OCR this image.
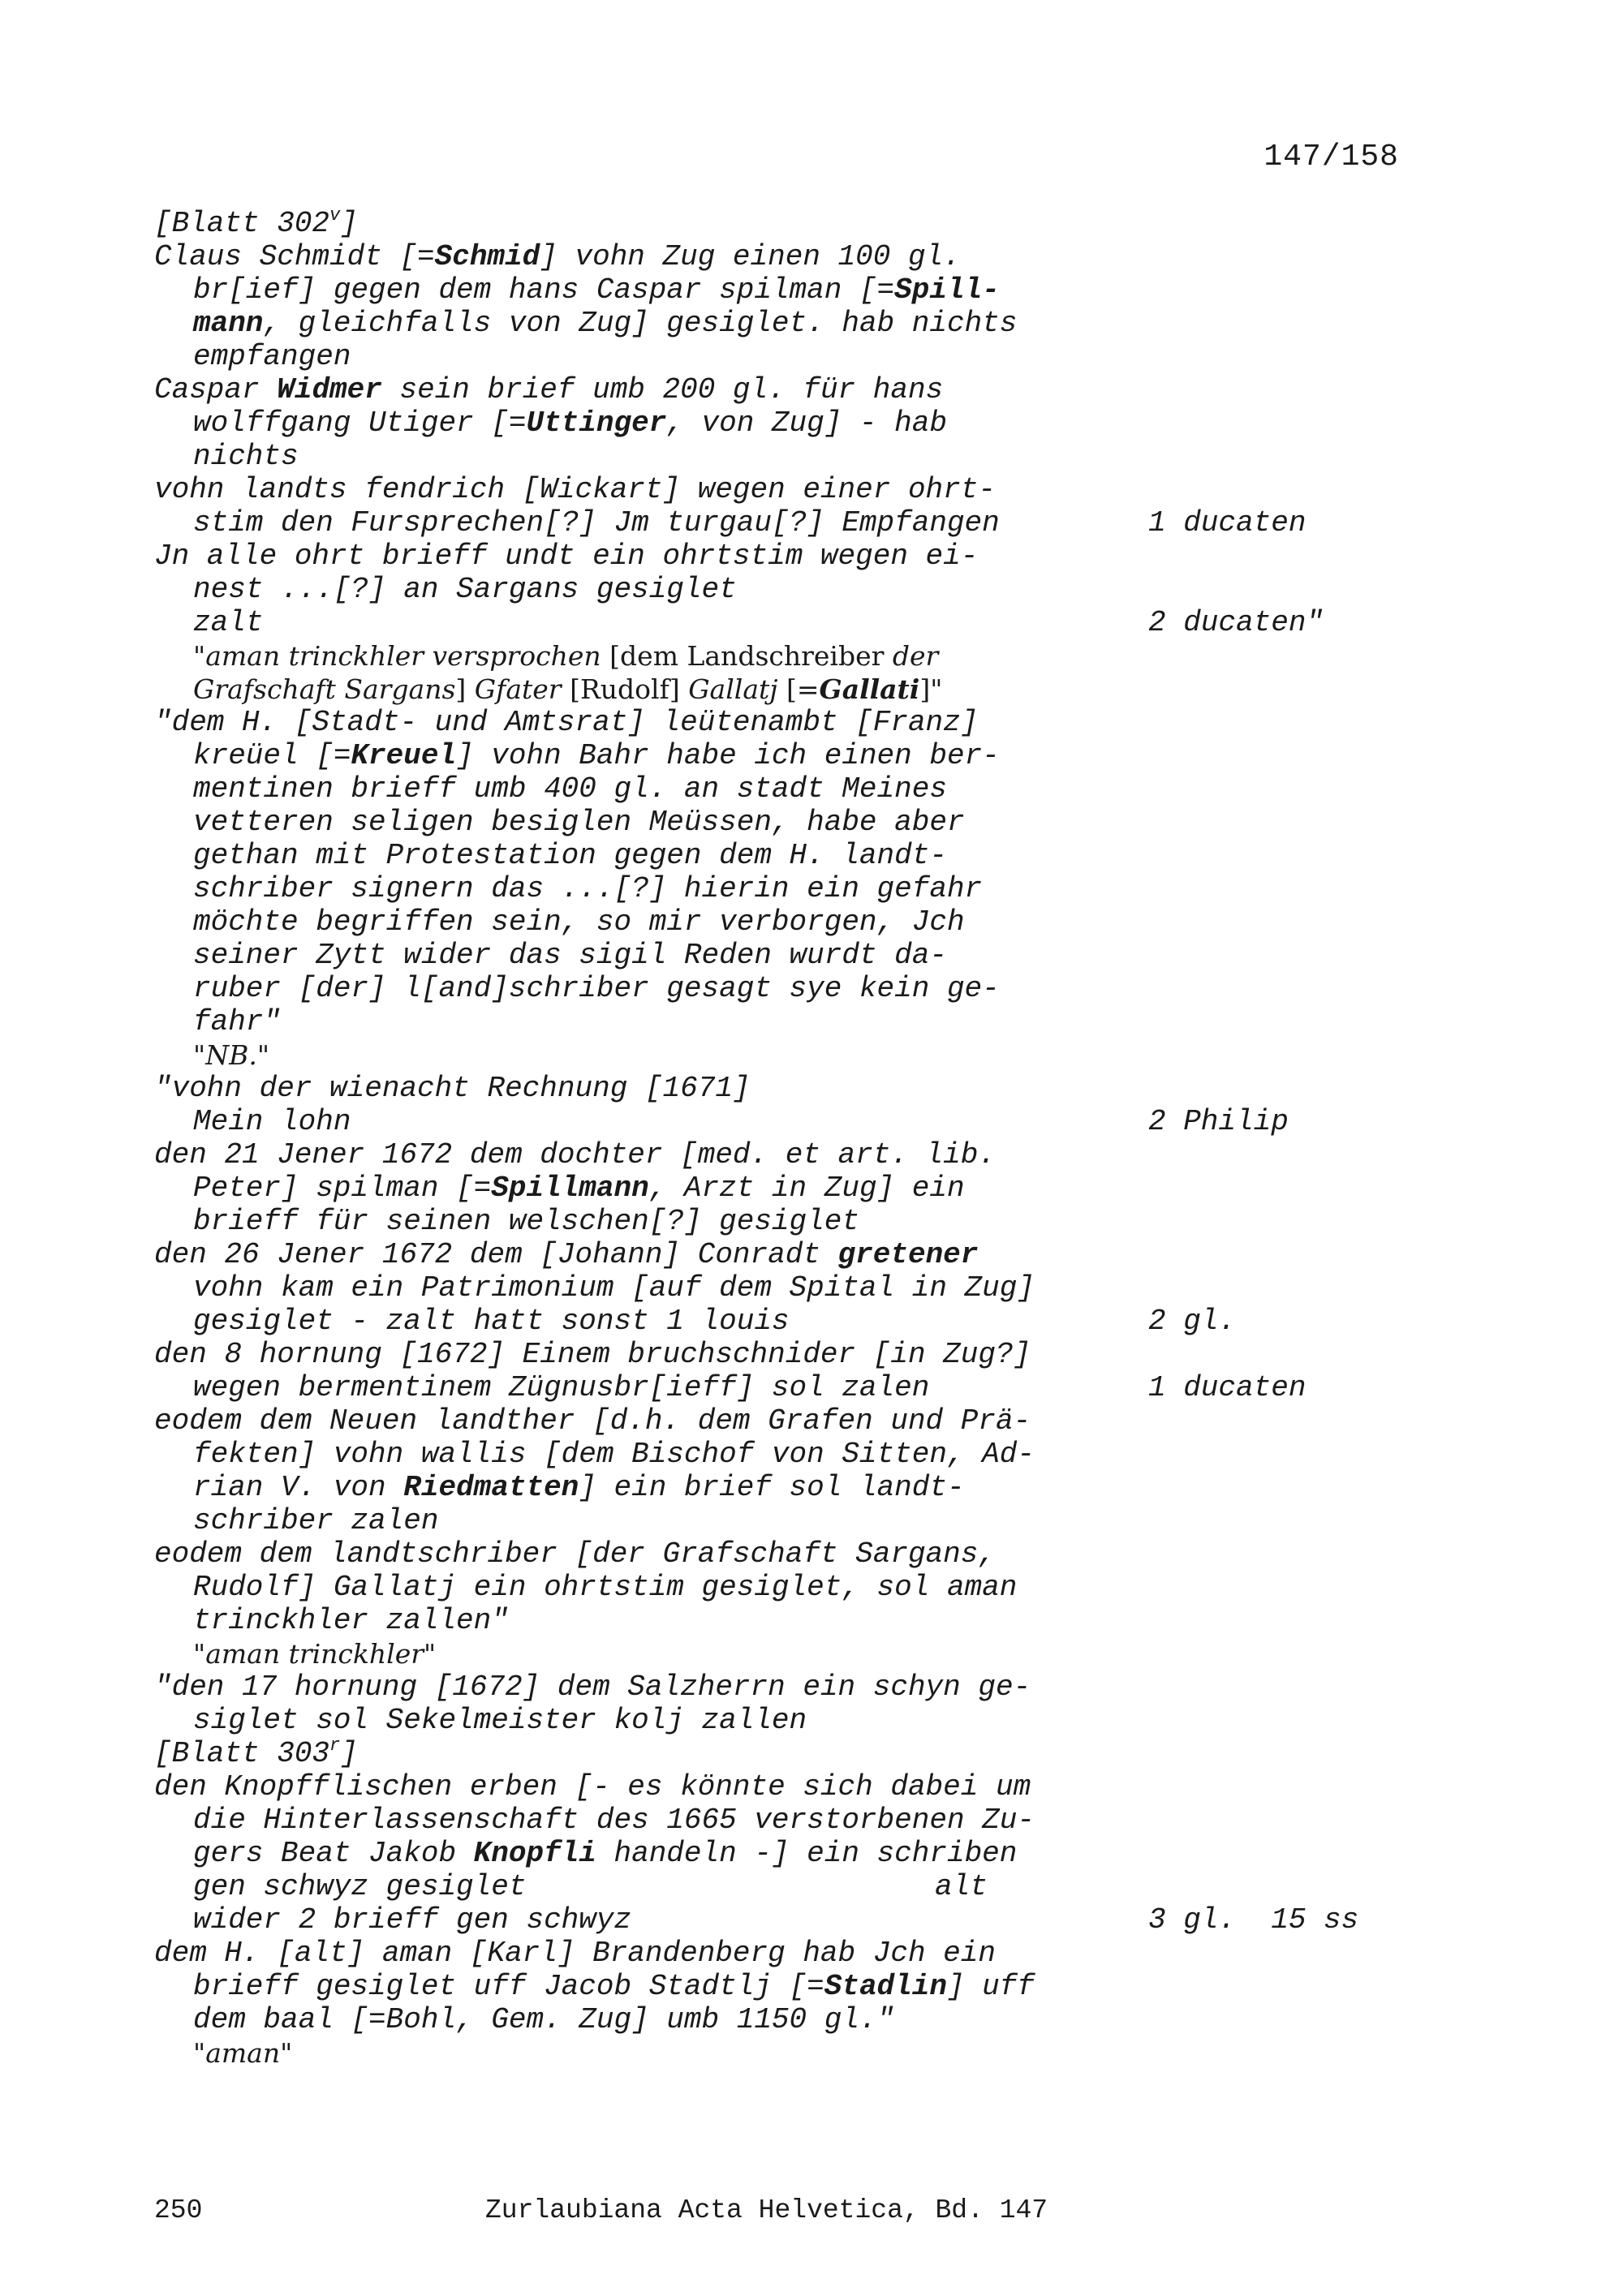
147/158
[Blatt 302$^v$]
Claus Schmidt [=Schmid] vohn Zug einen 100 gl.
br[ief] gegen dem hans Caspar spilman [=Spill-
mann, gleichfalls von Zug] gesiglet. hab nichts
empfangen
Caspar Widmer sein brief umb 200 gl. für hans
wolffgang Utiger [=Uttinger, von Zug] - hab
nichts
vohn landts fendrich [Wickart] wegen einer ohrt-
stim den Fursprechen[?] Jm turgau[?] Empfangen	1 ducaten
Jn alle ohrt brieff undt ein ohrtstim wegen ei-
nest ...[?] an Sargans gesiglet
zalt	2 ducaten"
"aman trinckhler versprochen [dem Landschreiber der
Grafschaft Sargans] Gfater [Rudolf] Gallatj [=Gallati]"
"dem H. [Stadt- und Amtsrat] leütenambt [Franz]
kreüel [=Kreuel] vohn Bahr habe ich einen ber-
mentinen brieff umb 400 gl. an stadt Meines
vetteren seligen besiglen Meüssen, habe aber
gethan mit Protestation gegen dem H. landt-
schriber signern das ...[?] hierin ein gefahr
möchte begriffen sein, so mir verborgen, Jch
seiner Zytt wider das sigil Reden wurdt da-
ruber [der] l[and]schriber gesagt sye kein ge-
fahr"
"NB."
"vohn der wienacht Rechnung [1671]
Mein lohn	2 Philip
den 21 Jener 1672 dem dochter [med. et art. lib.
Peter] spilman [=Spillmann, Arzt in Zug] ein
brieff für seinen welschen[?] gesiglet
den 26 Jener 1672 dem [Johann] Conradt gretener
vohn kam ein Patrimonium [auf dem Spital in Zug]
gesiglet - zalt hatt sonst 1 louis	2 gl.
den 8 hornung [1672] Einem bruchschnider [in Zug?]
wegen bermentinem Zügnusbr[ieff] sol zalen	1 ducaten
eodem dem Neuen landther [d.h. dem Grafen und Prä-
fekten] vohn wallis [dem Bischof von Sitten, Ad-
rian V. von Riedmatten] ein brief sol landt-
schriber zalen
eodem dem landtschriber [der Grafschaft Sargans,
Rudolf] Gallatj ein ohrtstim gesiglet, sol aman
trinckhler zallen"
"aman trinckhler"
"den 17 hornung [1672] dem Salzherrn ein schyn ge-
siglet sol Sekelmeister kolj zallen
[Blatt 303$^r$]
den Knopfflischen erben [- es könnte sich dabei um
die Hinterlassenschaft des 1665 verstorbenen Zu-
gers Beat Jakob Knopfli handeln -] ein schriben
gen schwyz gesiglet	alt
wider 2 brieff gen schwyz	3 gl.  15 ss
dem H. [alt] aman [Karl] Brandenberg hab Jch ein
brieff gesiglet uff Jacob Stadtlj [=Stadlin] uff
dem baal [=Bohl, Gem. Zug] umb 1150 gl."
"aman"
250	Zurlaubiana Acta Helvetica, Bd. 147
